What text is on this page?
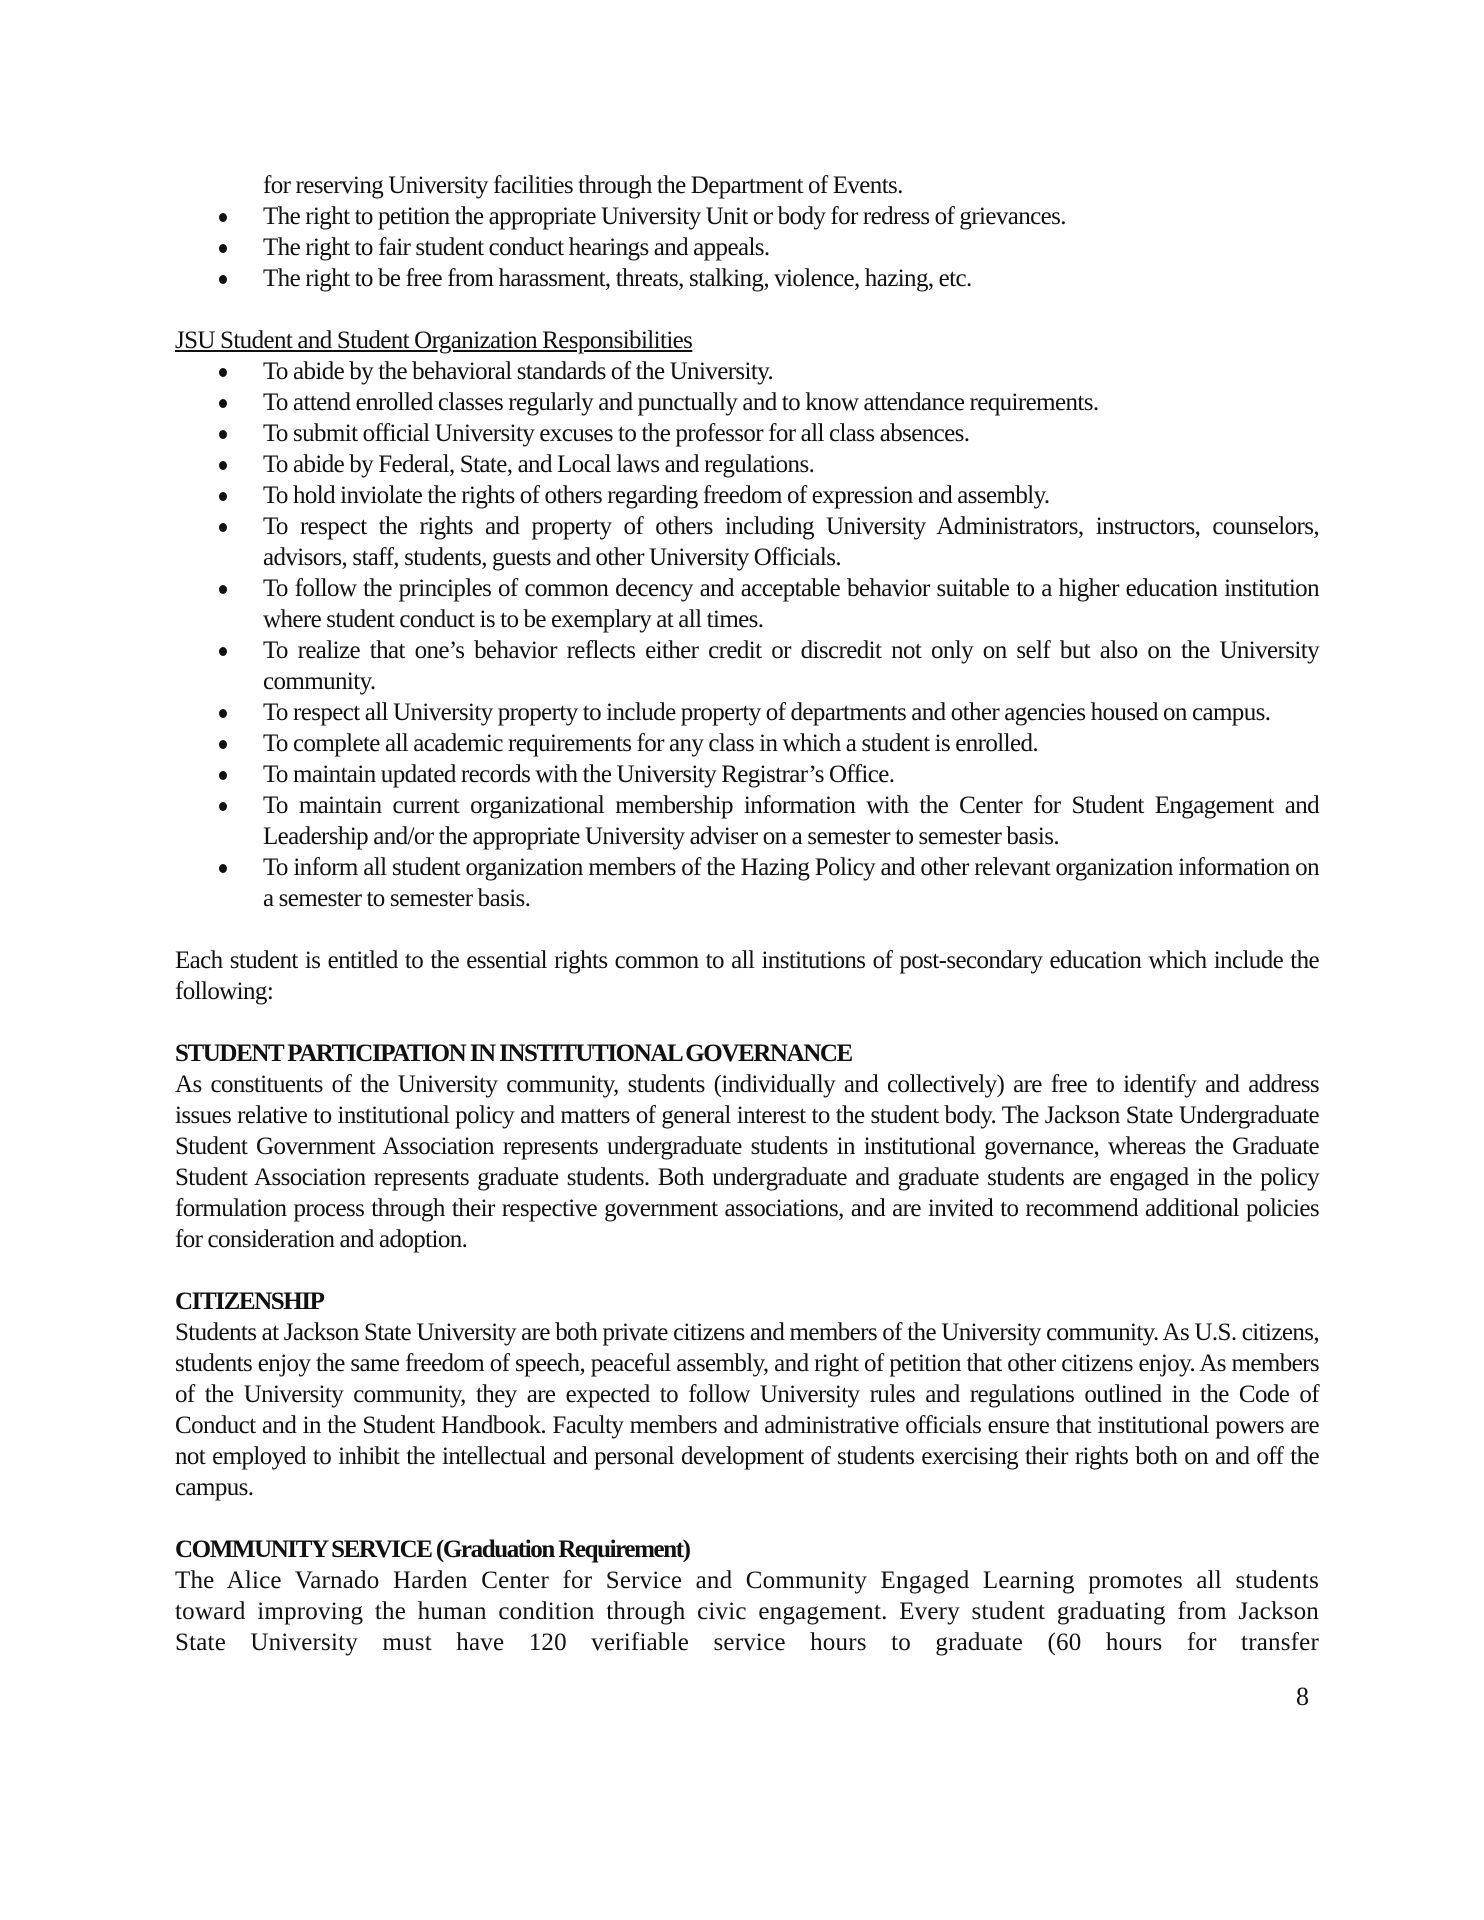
for reserving University facilities through the Department of Events.
The right to petition the appropriate University Unit or body for redress of grievances.
The right to fair student conduct hearings and appeals.
The right to be free from harassment, threats, stalking, violence, hazing, etc.
JSU Student and Student Organization Responsibilities
To abide by the behavioral standards of the University.
To attend enrolled classes regularly and punctually and to know attendance requirements.
To submit official University excuses to the professor for all class absences.
To abide by Federal, State, and Local laws and regulations.
To hold inviolate the rights of others regarding freedom of expression and assembly.
To respect the rights and property of others including University Administrators, instructors, counselors, advisors, staff, students, guests and other University Officials.
To follow the principles of common decency and acceptable behavior suitable to a higher education institution where student conduct is to be exemplary at all times.
To realize that one’s behavior reflects either credit or discredit not only on self but also on the University community.
To respect all University property to include property of departments and other agencies housed on campus.
To complete all academic requirements for any class in which a student is enrolled.
To maintain updated records with the University Registrar’s Office.
To maintain current organizational membership information with the Center for Student Engagement and Leadership and/or the appropriate University adviser on a semester to semester basis.
To inform all student organization members of the Hazing Policy and other relevant organization information on a semester to semester basis.
Each student is entitled to the essential rights common to all institutions of post-secondary education which include the following:
STUDENT PARTICIPATION IN INSTITUTIONAL GOVERNANCE
As constituents of the University community, students (individually and collectively) are free to identify and address issues relative to institutional policy and matters of general interest to the student body. The Jackson State Undergraduate Student Government Association represents undergraduate students in institutional governance, whereas the Graduate Student Association represents graduate students. Both undergraduate and graduate students are engaged in the policy formulation process through their respective government associations, and are invited to recommend additional policies for consideration and adoption.
CITIZENSHIP
Students at Jackson State University are both private citizens and members of the University community. As U.S. citizens, students enjoy the same freedom of speech, peaceful assembly, and right of petition that other citizens enjoy. As members of the University community, they are expected to follow University rules and regulations outlined in the Code of Conduct and in the Student Handbook. Faculty members and administrative officials ensure that institutional powers are not employed to inhibit the intellectual and personal development of students exercising their rights both on and off the campus.
COMMUNITY SERVICE (Graduation Requirement)
The Alice Varnado Harden Center for Service and Community Engaged Learning promotes all students toward improving the human condition through civic engagement. Every student graduating from Jackson State University must have 120 verifiable service hours to graduate (60 hours for transfer
8
